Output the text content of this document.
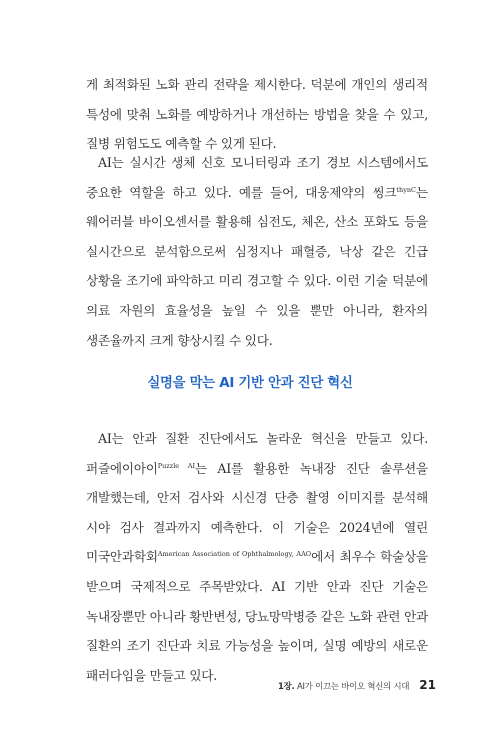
게 최적화된 노화 관리 전략을 제시한다. 덕분에 개인의 생리적 특성에 맞춰 노화를 예방하거나 개선하는 방법을 찾을 수 있고, 질병 위험도도 예측할 수 있게 된다.

AI는 실시간 생체 신호 모니터링과 조기 경보 시스템에서도 중요한 역할을 하고 있다. 예를 들어, 대웅제약의 씽크$^{thynC}$는 웨어러블 바이오센서를 활용해 심전도, 체온, 산소 포화도 등을 실시간으로 분석함으로써 심정지나 패혈증, 낙상 같은 긴급 상황을 조기에 파악하고 미리 경고할 수 있다. 이런 기술 덕분에 의료 자원의 효율성을 높일 수 있을 뿐만 아니라, 환자의 생존율까지 크게 향상시킬 수 있다.

실명을 막는 AI 기반 안과 진단 혁신

AI는 안과 질환 진단에서도 놀라운 혁신을 만들고 있다. 퍼즐에이아이$^{Puzzle AI}$는 AI를 활용한 녹내장 진단 솔루션을 개발했는데, 안저 검사와 시신경 단층 촬영 이미지를 분석해 시야 검사 결과까지 예측한다. 이 기술은 2024년에 열린 미국안과학회$^{American Association of Ophthalmology, AAO}$에서 최우수 학술상을 받으며 국제적으로 주목받았다. AI 기반 안과 진단 기술은 녹내장뿐만 아니라 황반변성, 당뇨망막병증 같은 노화 관련 안과 질환의 조기 진단과 치료 가능성을 높이며, 실명 예방의 새로운 패러다임을 만들고 있다.

1장. AI가 이끄는 바이오 혁신의 시대 21
